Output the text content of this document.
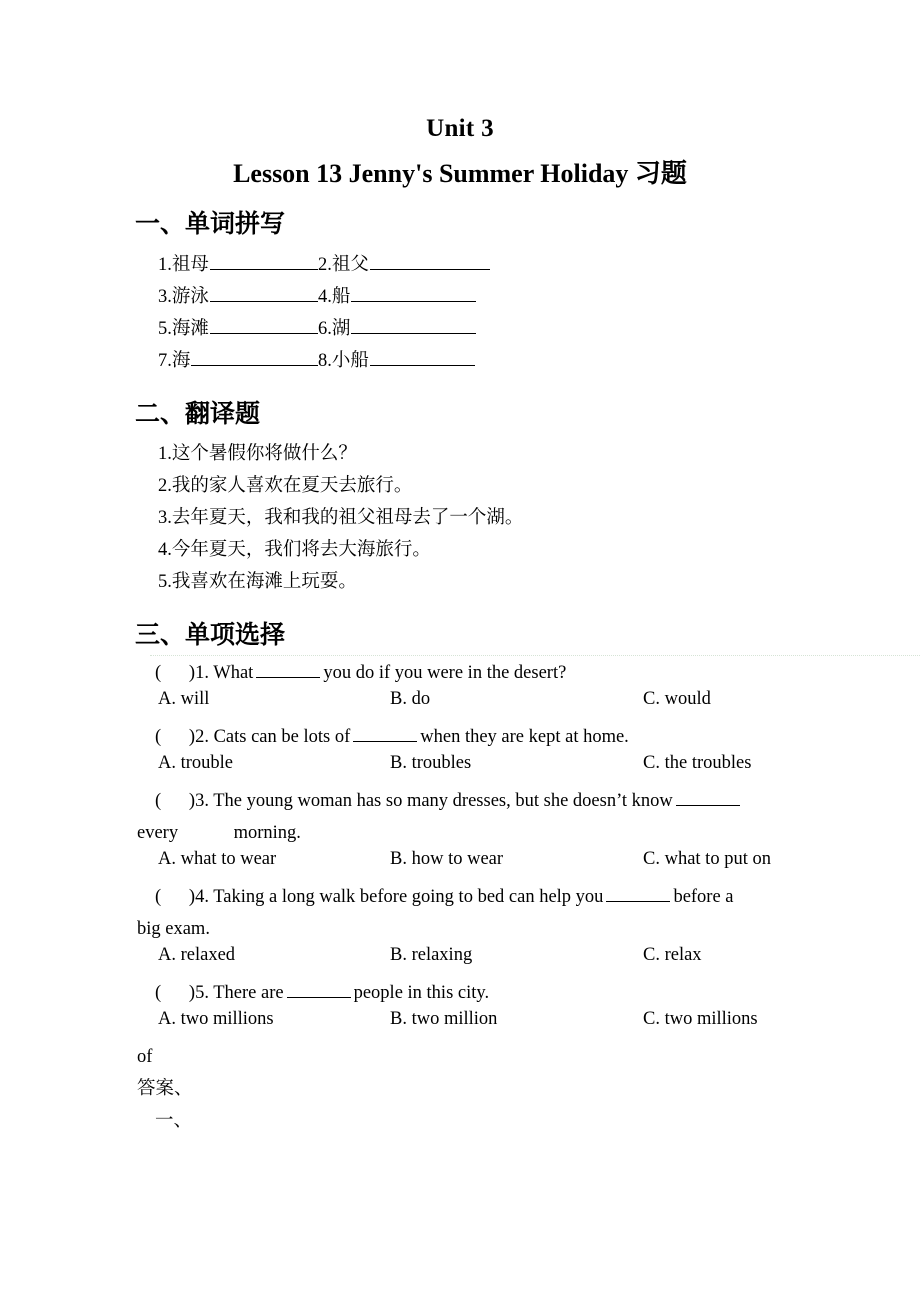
Unit 3
Lesson 13 Jenny's Summer Holiday 习题
一、单词拼写
1.祖母	2.祖父
3.游泳	4.船
5.海滩	6.湖
7.海	8.小船
二、翻译题
1.这个暑假你将做什么？
2.我的家人喜欢在夏天去旅行。
3.去年夏天，我和我的祖父祖母去了一个湖。
4.今年夏天，我们将去大海旅行。
5.我喜欢在海滩上玩耍。
三、单项选择
(      )1. What	you do if you were in the desert?
A. will	B. do	C. would
(      )2. Cats can be lots of	when they are kept at home.
A. trouble	B. troubles	C. the troubles
(      )3. The young woman has so many dresses, but she doesn’t know
every            morning.
A. what to wear	B. how to wear	C. what to put on
(      )4. Taking a long walk before going to bed can help you	before a
big exam.
A. relaxed	B. relaxing	C. relax
(      )5. There are	people in this city.
A. two millions	B. two million	C. two millions
of
答案、
一、
